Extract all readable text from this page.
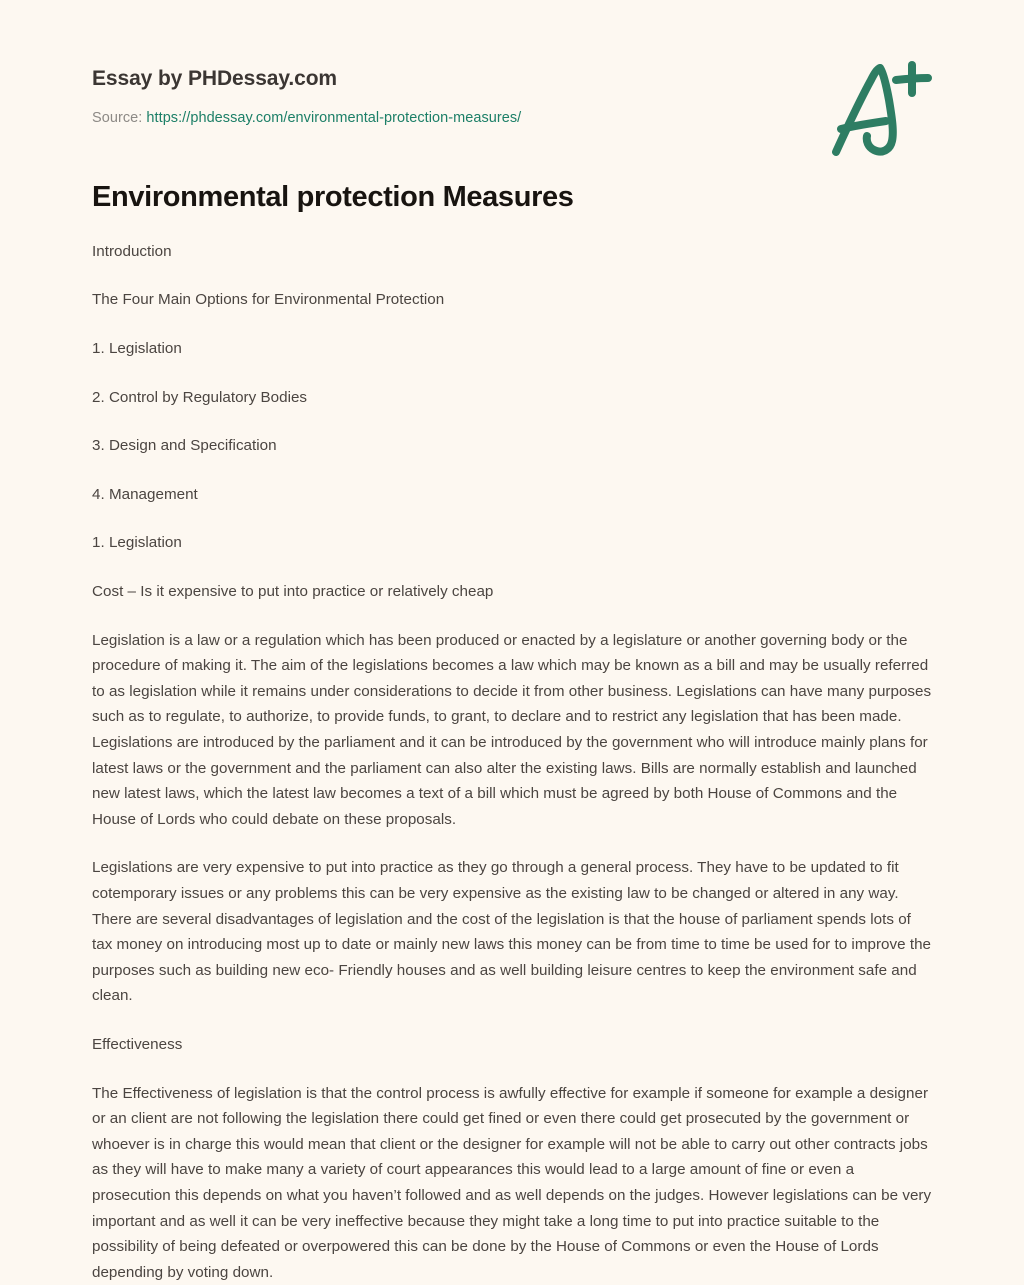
Essay by PHDessay.com
Source: https://phdessay.com/environmental-protection-measures/
Environmental protection Measures

Introduction

The Four Main Options for Environmental Protection

1. Legislation

2. Control by Regulatory Bodies

3. Design and Specification

4. Management

1. Legislation

Cost – Is it expensive to put into practice or relatively cheap

Legislation is a law or a regulation which has been produced or enacted by a legislature or another governing body or the procedure of making it. The aim of the legislations becomes a law which may be known as a bill and may be usually referred to as legislation while it remains under considerations to decide it from other business. Legislations can have many purposes such as to regulate, to authorize, to provide funds, to grant, to declare and to restrict any legislation that has been made. Legislations are introduced by the parliament and it can be introduced by the government who will introduce mainly plans for latest laws or the government and the parliament can also alter the existing laws. Bills are normally establish and launched new latest laws, which the latest law becomes a text of a bill which must be agreed by both House of Commons and the House of Lords who could debate on these proposals.

Legislations are very expensive to put into practice as they go through a general process. They have to be updated to fit cotemporary issues or any problems this can be very expensive as the existing law to be changed or altered in any way. There are several disadvantages of legislation and the cost of the legislation is that the house of parliament spends lots of tax money on introducing most up to date or mainly new laws this money can be from time to time be used for to improve the purposes such as building new eco- Friendly houses and as well building leisure centres to keep the environment safe and clean.

Effectiveness

The Effectiveness of legislation is that the control process is awfully effective for example if someone for example a designer or an client are not following the legislation there could get fined or even there could get prosecuted by the government or whoever is in charge this would mean that client or the designer for example will not be able to carry out other contracts jobs as they will have to make many a variety of court appearances this would lead to a large amount of fine or even a prosecution this depends on what you haven’t followed and as well depends on the judges. However legislations can be very important and as well it can be very ineffective because they might take a long time to put into practice suitable to the possibility of being defeated or overpowered this can be done by the House of Commons or even the House of Lords depending by voting down.
